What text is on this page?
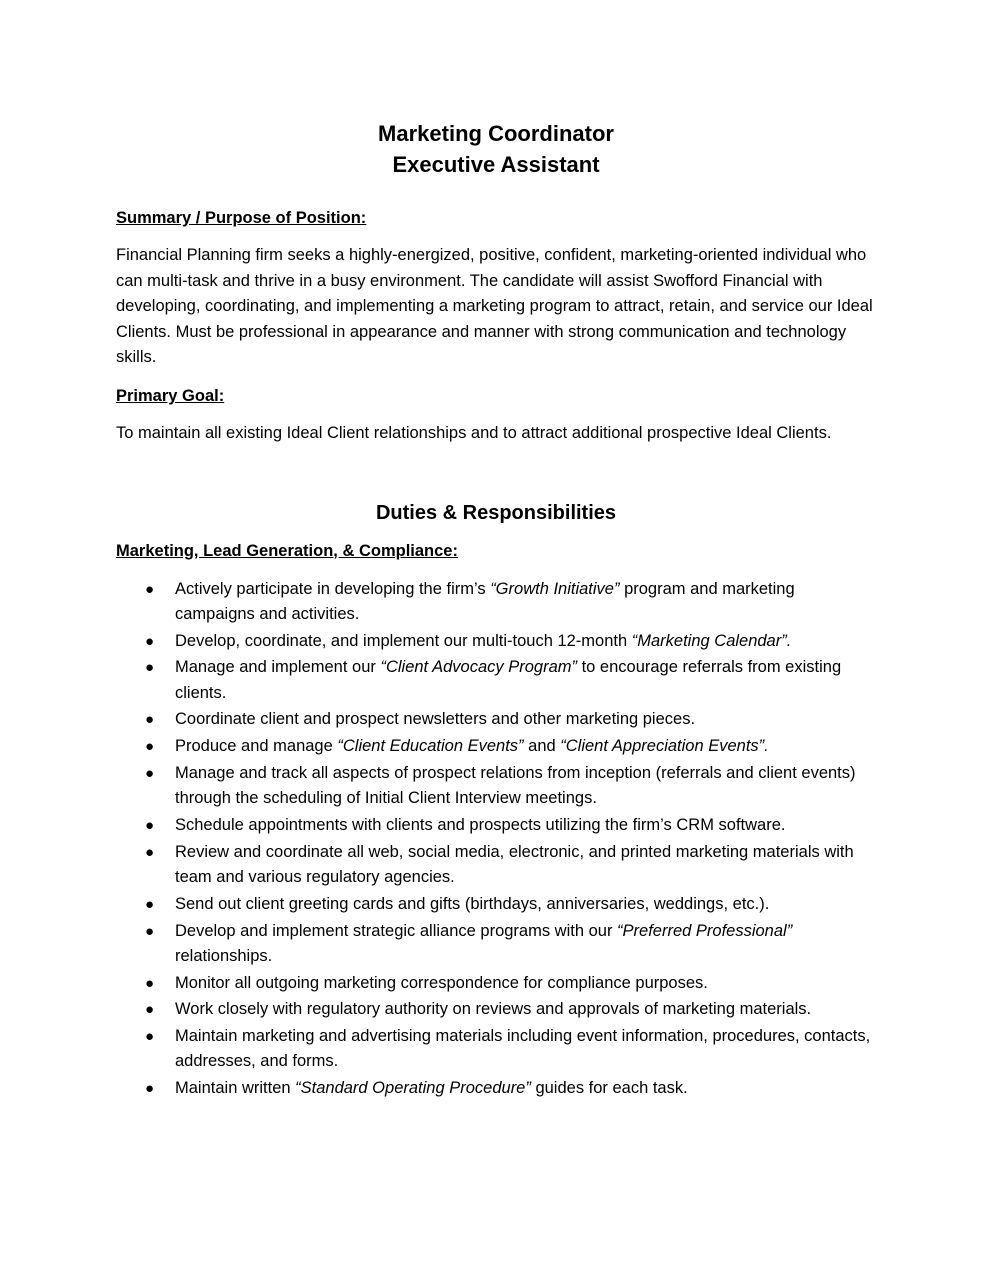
Marketing Coordinator
Executive Assistant
Summary / Purpose of Position:

Financial Planning firm seeks a highly-energized, positive, confident, marketing-oriented individual who can multi-task and thrive in a busy environment. The candidate will assist Swofford Financial with developing, coordinating, and implementing a marketing program to attract, retain, and service our Ideal Clients. Must be professional in appearance and manner with strong communication and technology skills.

Primary Goal:

To maintain all existing Ideal Client relationships and to attract additional prospective Ideal Clients.

Duties & Responsibilities
Marketing, Lead Generation, & Compliance:
● Actively participate in developing the firm’s “Growth Initiative” program and marketing campaigns and activities.
● Develop, coordinate, and implement our multi-touch 12-month “Marketing Calendar”.
● Manage and implement our “Client Advocacy Program” to encourage referrals from existing clients.
● Coordinate client and prospect newsletters and other marketing pieces.
● Produce and manage “Client Education Events” and “Client Appreciation Events”.
● Manage and track all aspects of prospect relations from inception (referrals and client events) through the scheduling of Initial Client Interview meetings.
● Schedule appointments with clients and prospects utilizing the firm’s CRM software.
● Review and coordinate all web, social media, electronic, and printed marketing materials with team and various regulatory agencies.
● Send out client greeting cards and gifts (birthdays, anniversaries, weddings, etc.).
● Develop and implement strategic alliance programs with our “Preferred Professional” relationships.
● Monitor all outgoing marketing correspondence for compliance purposes.
● Work closely with regulatory authority on reviews and approvals of marketing materials.
● Maintain marketing and advertising materials including event information, procedures, contacts, addresses, and forms.
● Maintain written “Standard Operating Procedure” guides for each task.
